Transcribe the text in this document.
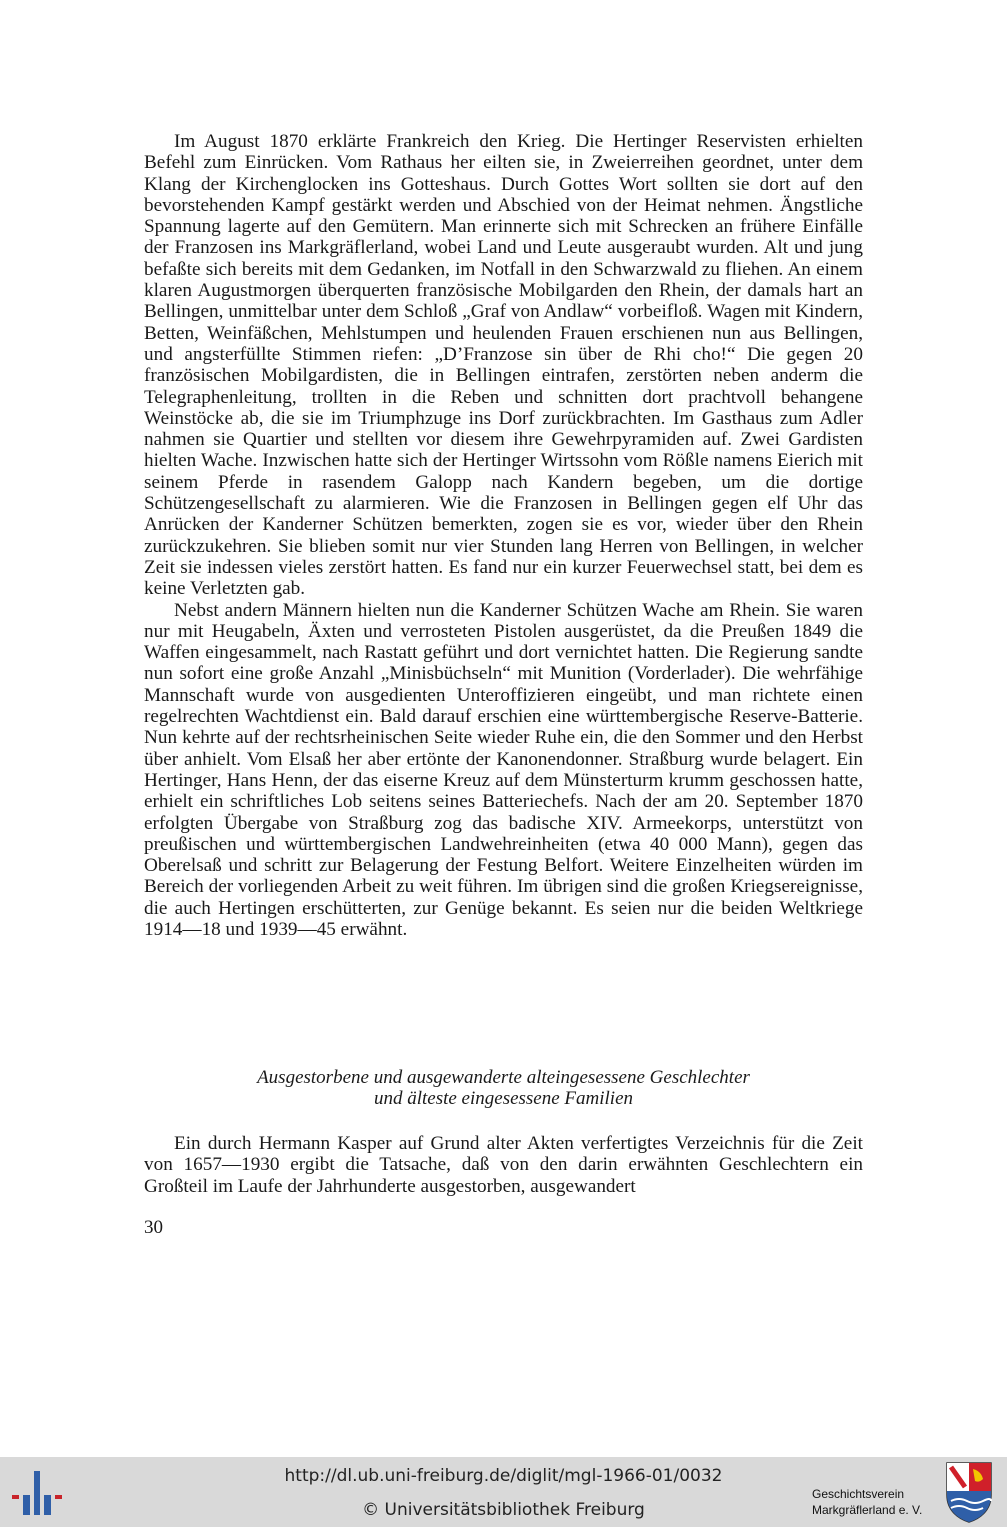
Im August 1870 erklärte Frankreich den Krieg. Die Hertinger Reservisten erhielten Befehl zum Einrücken. Vom Rathaus her eilten sie, in Zweierreihen geordnet, unter dem Klang der Kirchenglocken ins Gotteshaus. Durch Gottes Wort sollten sie dort auf den bevorstehenden Kampf gestärkt werden und Abschied von der Heimat nehmen. Ängstliche Spannung lagerte auf den Gemütern. Man erinnerte sich mit Schrecken an frühere Einfälle der Franzosen ins Markgräflerland, wobei Land und Leute ausgeraubt wurden. Alt und jung befaßte sich bereits mit dem Gedanken, im Notfall in den Schwarzwald zu fliehen. An einem klaren Augustmorgen überquerten französische Mobilgarden den Rhein, der damals hart an Bellingen, unmittelbar unter dem Schloß „Graf von Andlaw“ vorbeifloß. Wagen mit Kindern, Betten, Weinfäßchen, Mehlstumpen und heulenden Frauen erschienen nun aus Bellingen, und angsterfüllte Stimmen riefen: „D’Franzose sin über de Rhi cho!“ Die gegen 20 französischen Mobilgardisten, die in Bellingen eintrafen, zerstörten neben anderm die Telegraphenleitung, trollten in die Reben und schnitten dort prachtvoll behangene Weinstöcke ab, die sie im Triumphzuge ins Dorf zurückbrachten. Im Gasthaus zum Adler nahmen sie Quartier und stellten vor diesem ihre Gewehrpyramiden auf. Zwei Gardisten hielten Wache. Inzwischen hatte sich der Hertinger Wirtssohn vom Rößle namens Eierich mit seinem Pferde in rasendem Galopp nach Kandern begeben, um die dortige Schützengesellschaft zu alarmieren. Wie die Franzosen in Bellingen gegen elf Uhr das Anrücken der Kanderner Schützen bemerkten, zogen sie es vor, wieder über den Rhein zurückzukehren. Sie blieben somit nur vier Stunden lang Herren von Bellingen, in welcher Zeit sie indessen vieles zerstört hatten. Es fand nur ein kurzer Feuerwechsel statt, bei dem es keine Verletzten gab.

Nebst andern Männern hielten nun die Kanderner Schützen Wache am Rhein. Sie waren nur mit Heugabeln, Äxten und verrosteten Pistolen ausgerüstet, da die Preußen 1849 die Waffen eingesammelt, nach Rastatt geführt und dort vernichtet hatten. Die Regierung sandte nun sofort eine große Anzahl „Minisbüchseln“ mit Munition (Vorderlader). Die wehrfähige Mannschaft wurde von ausgedienten Unteroffizieren eingeübt, und man richtete einen regelrechten Wachtdienst ein. Bald darauf erschien eine württembergische Reserve-Batterie. Nun kehrte auf der rechtsrheinischen Seite wieder Ruhe ein, die den Sommer und den Herbst über anhielt. Vom Elsaß her aber ertönte der Kanonendonner. Straßburg wurde belagert. Ein Hertinger, Hans Henn, der das eiserne Kreuz auf dem Münsterturm krumm geschossen hatte, erhielt ein schriftliches Lob seitens seines Batteriechefs. Nach der am 20. September 1870 erfolgten Übergabe von Straßburg zog das badische XIV. Armeekorps, unterstützt von preußischen und württembergischen Landwehreinheiten (etwa 40 000 Mann), gegen das Oberelsaß und schritt zur Belagerung der Festung Belfort. Weitere Einzelheiten würden im Bereich der vorliegenden Arbeit zu weit führen. Im übrigen sind die großen Kriegsereignisse, die auch Hertingen erschütterten, zur Genüge bekannt. Es seien nur die beiden Weltkriege 1914—18 und 1939—45 erwähnt.

Ausgestorbene und ausgewanderte alteingesessene Geschlechter
und älteste eingesessene Familien

Ein durch Hermann Kasper auf Grund alter Akten verfertigtes Verzeichnis für die Zeit von 1657—1930 ergibt die Tatsache, daß von den darin erwähnten Geschlechtern ein Großteil im Laufe der Jahrhunderte ausgestorben, ausgewandert

30
http://dl.ub.uni-freiburg.de/diglit/mgl-1966-01/0032
© Universitätsbibliothek Freiburg
Geschichtsverein
Markgräflerland e. V.
